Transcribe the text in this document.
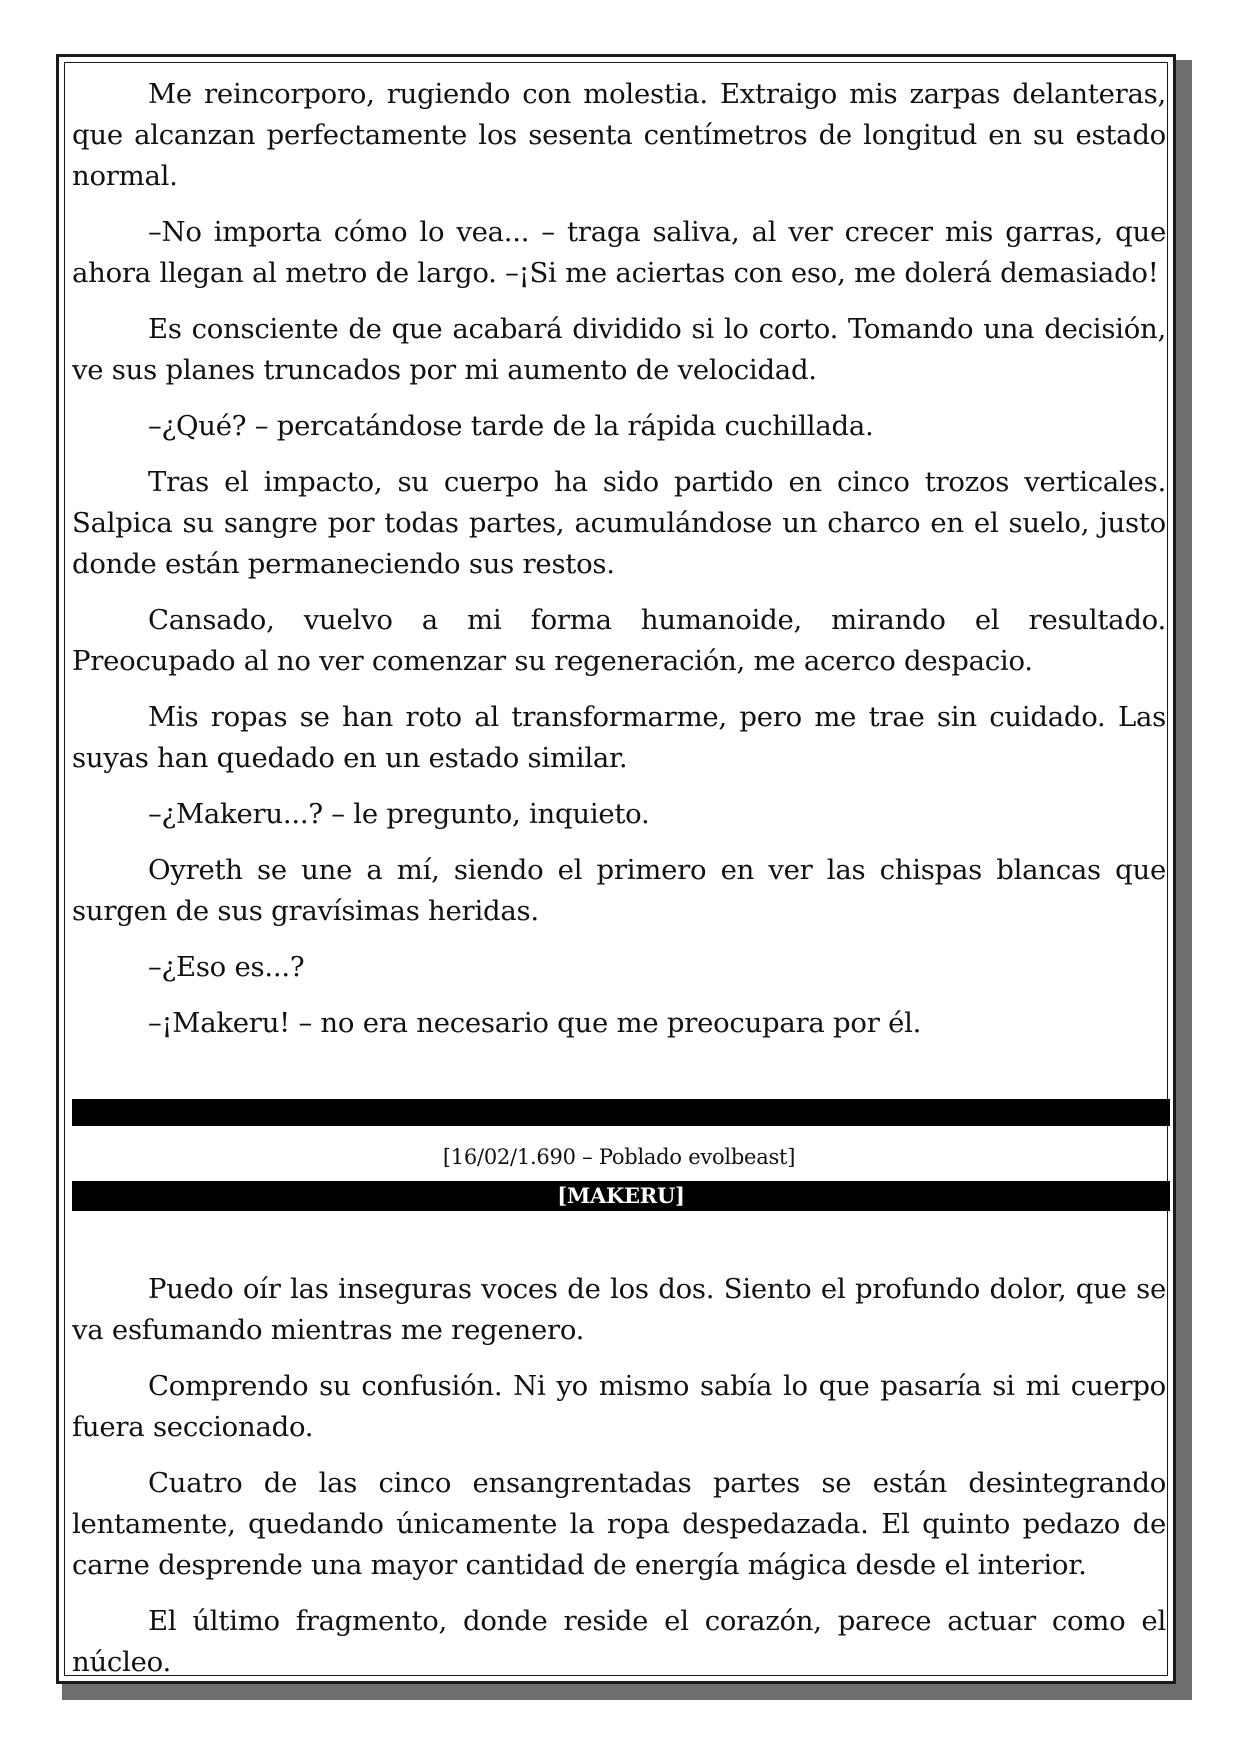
Me reincorporo, rugiendo con molestia. Extraigo mis zarpas delanteras, que alcanzan perfectamente los sesenta centímetros de longitud en su estado normal.

–No importa cómo lo vea... – traga saliva, al ver crecer mis garras, que ahora llegan al metro de largo. –¡Si me aciertas con eso, me dolerá demasiado!

Es consciente de que acabará dividido si lo corto. Tomando una decisión, ve sus planes truncados por mi aumento de velocidad.

–¿Qué? – percatándose tarde de la rápida cuchillada.

Tras el impacto, su cuerpo ha sido partido en cinco trozos verticales. Salpica su sangre por todas partes, acumulándose un charco en el suelo, justo donde están permaneciendo sus restos.

Cansado, vuelvo a mi forma humanoide, mirando el resultado. Preocupado al no ver comenzar su regeneración, me acerco despacio.

Mis ropas se han roto al transformarme, pero me trae sin cuidado. Las suyas han quedado en un estado similar.

–¿Makeru...? – le pregunto, inquieto.

Oyreth se une a mí, siendo el primero en ver las chispas blancas que surgen de sus gravísimas heridas.

–¿Eso es...?

–¡Makeru! – no era necesario que me preocupara por él.

[16/02/1.690 – Poblado evolbeast]
[MAKERU]

Puedo oír las inseguras voces de los dos. Siento el profundo dolor, que se va esfumando mientras me regenero.

Comprendo su confusión. Ni yo mismo sabía lo que pasaría si mi cuerpo fuera seccionado.

Cuatro de las cinco ensangrentadas partes se están desintegrando lentamente, quedando únicamente la ropa despedazada. El quinto pedazo de carne desprende una mayor cantidad de energía mágica desde el interior.

El último fragmento, donde reside el corazón, parece actuar como el núcleo.
